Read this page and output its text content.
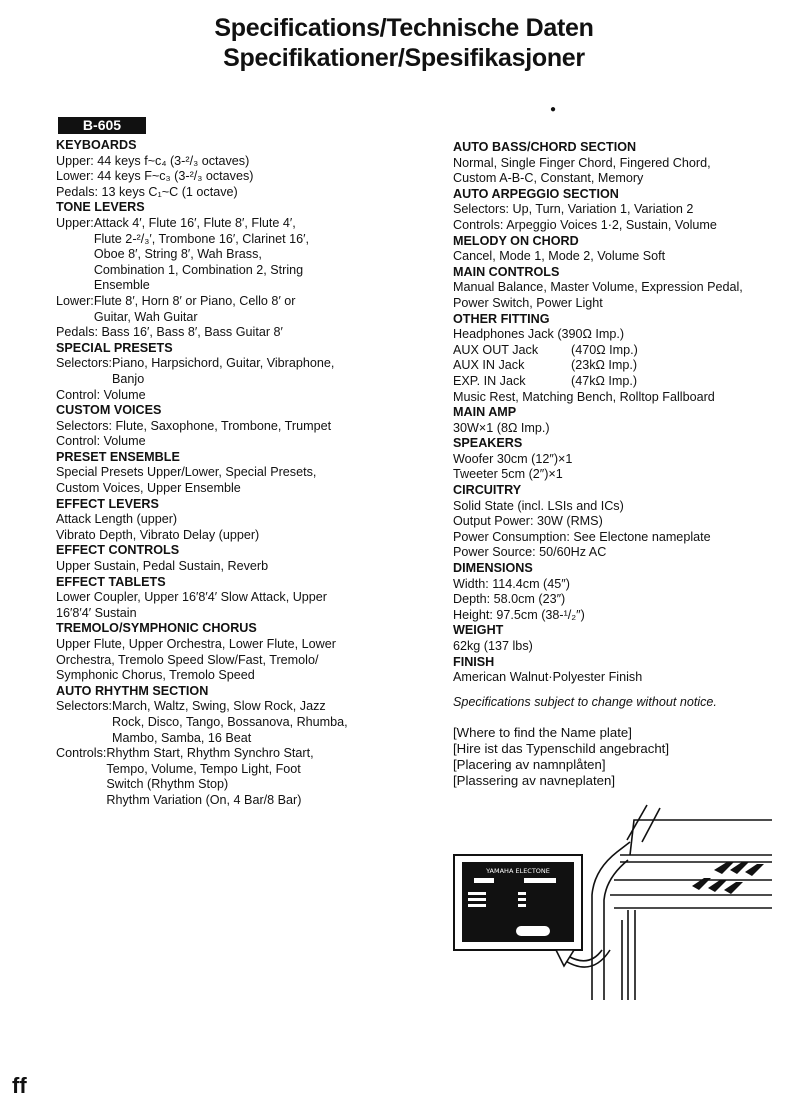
Specifications/Technische Daten
Specifikationer/Spesifikasjoner
B-605
●
KEYBOARDS
Upper: 44 keys f~c₄ (3-²/₃ octaves)
Lower: 44 keys F~c₃ (3-²/₃ octaves)
Pedals: 13 keys C₁~C (1 octave)
TONE LEVERS
Upper: Attack 4′, Flute 16′, Flute 8′, Flute 4′,
Flute 2-²/₃′, Trombone 16′, Clarinet 16′,
Oboe 8′, String 8′, Wah Brass,
Combination 1, Combination 2, String
Ensemble
Lower: Flute 8′, Horn 8′ or Piano, Cello 8′ or
Guitar, Wah Guitar
Pedals: Bass 16′, Bass 8′, Bass Guitar 8′
SPECIAL PRESETS
Selectors: Piano, Harpsichord, Guitar, Vibraphone,
Banjo
Control: Volume
CUSTOM VOICES
Selectors: Flute, Saxophone, Trombone, Trumpet
Control: Volume
PRESET ENSEMBLE
Special Presets Upper/Lower, Special Presets,
Custom Voices, Upper Ensemble
EFFECT LEVERS
Attack Length (upper)
Vibrato Depth, Vibrato Delay (upper)
EFFECT CONTROLS
Upper Sustain, Pedal Sustain, Reverb
EFFECT TABLETS
Lower Coupler, Upper 16′8′4′ Slow Attack, Upper
16′8′4′ Sustain
TREMOLO/SYMPHONIC CHORUS
Upper Flute, Upper Orchestra, Lower Flute, Lower
Orchestra, Tremolo Speed Slow/Fast, Tremolo/
Symphonic Chorus, Tremolo Speed
AUTO RHYTHM SECTION
Selectors: March, Waltz, Swing, Slow Rock, Jazz
Rock, Disco, Tango, Bossanova, Rhumba,
Mambo, Samba, 16 Beat
Controls: Rhythm Start, Rhythm Synchro Start,
Tempo, Volume, Tempo Light, Foot
Switch (Rhythm Stop)
Rhythm Variation (On, 4 Bar/8 Bar)
AUTO BASS/CHORD SECTION
Normal, Single Finger Chord, Fingered Chord,
Custom A-B-C, Constant, Memory
AUTO ARPEGGIO SECTION
Selectors: Up, Turn, Variation 1, Variation 2
Controls: Arpeggio Voices 1·2, Sustain, Volume
MELODY ON CHORD
Cancel, Mode 1, Mode 2, Volume Soft
MAIN CONTROLS
Manual Balance, Master Volume, Expression Pedal,
Power Switch, Power Light
OTHER FITTING
Headphones Jack (390Ω Imp.)
AUX OUT Jack	(470Ω Imp.)
AUX IN Jack	(23kΩ Imp.)
EXP. IN Jack	(47kΩ Imp.)
Music Rest, Matching Bench, Rolltop Fallboard
MAIN AMP
30W×1 (8Ω Imp.)
SPEAKERS
Woofer 30cm (12″)×1
Tweeter 5cm (2″)×1
CIRCUITRY
Solid State (incl. LSIs and ICs)
Output Power: 30W (RMS)
Power Consumption: See Electone nameplate
Power Source: 50/60Hz AC
DIMENSIONS
Width: 114.4cm (45″)
Depth: 58.0cm (23″)
Height: 97.5cm (38-¹/₂″)
WEIGHT
62kg (137 lbs)
FINISH
American Walnut·Polyester Finish
Specifications subject to change without notice.
[Where to find the Name plate]
[Hire ist das Typenschild angebracht]
[Placering av namnplåten]
[Plassering av navneplaten]
YAMAHA ELECTONE
ff
